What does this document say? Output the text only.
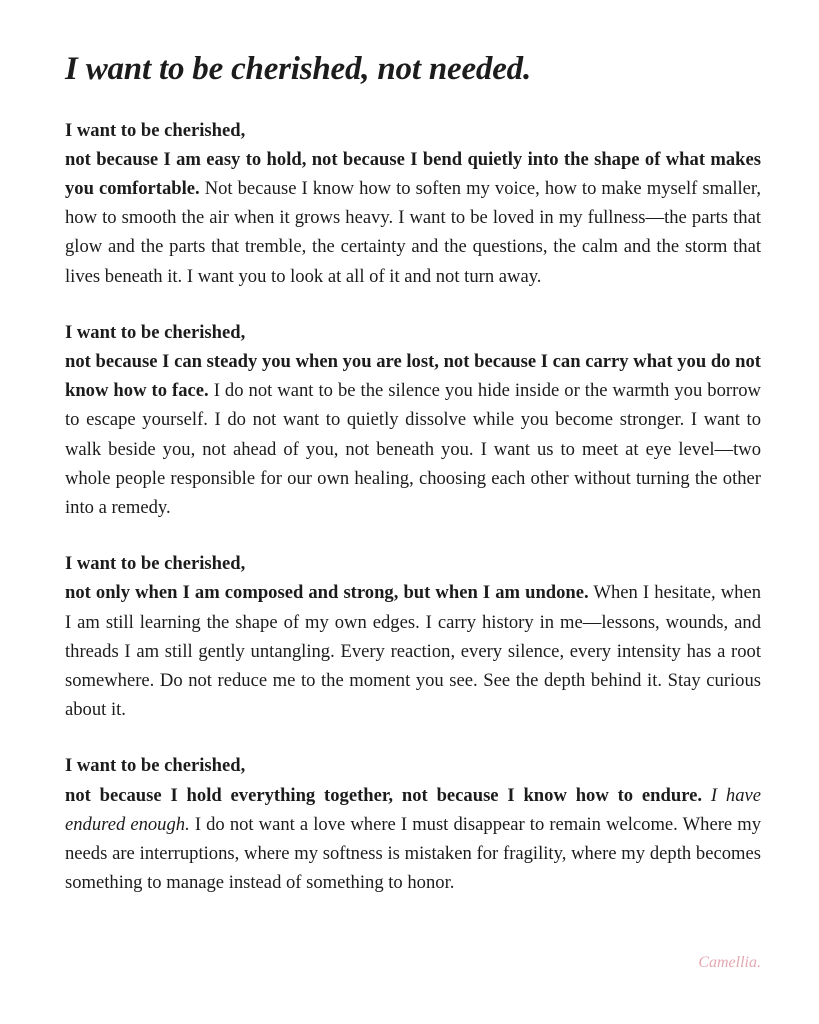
I want to be cherished, not needed.

I want to be cherished,
not because I am easy to hold, not because I bend quietly into the shape of what makes you comfortable. Not because I know how to soften my voice, how to make myself smaller, how to smooth the air when it grows heavy. I want to be loved in my fullness—the parts that glow and the parts that tremble, the certainty and the questions, the calm and the storm that lives beneath it. I want you to look at all of it and not turn away.

I want to be cherished,
not because I can steady you when you are lost, not because I can carry what you do not know how to face. I do not want to be the silence you hide inside or the warmth you borrow to escape yourself. I do not want to quietly dissolve while you become stronger. I want to walk beside you, not ahead of you, not beneath you. I want us to meet at eye level—two whole people responsible for our own healing, choosing each other without turning the other into a remedy.

I want to be cherished,
not only when I am composed and strong, but when I am undone. When I hesitate, when I am still learning the shape of my own edges. I carry history in me—lessons, wounds, and threads I am still gently untangling. Every reaction, every silence, every intensity has a root somewhere. Do not reduce me to the moment you see. See the depth behind it. Stay curious about it.

I want to be cherished,
not because I hold everything together, not because I know how to endure. I have endured enough. I do not want a love where I must disappear to remain welcome. Where my needs are interruptions, where my softness is mistaken for fragility, where my depth becomes something to manage instead of something to honor.

Camellia.
